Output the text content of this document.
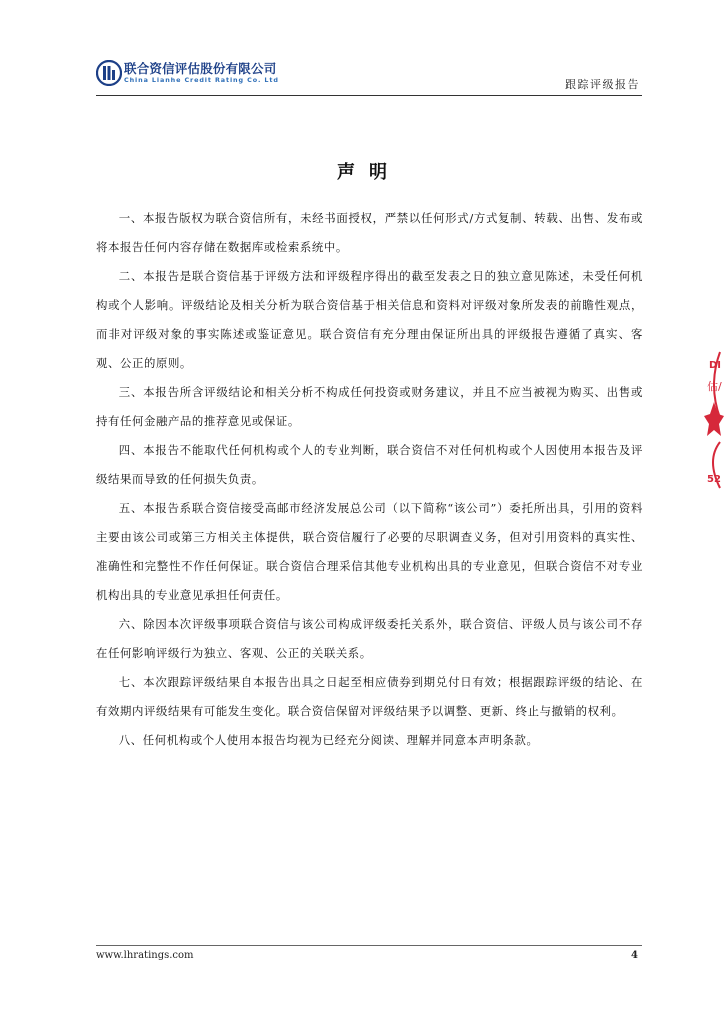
联合资信评估股份有限公司
China Lianhe Credit Rating Co. Ltd	跟踪评级报告
声明

一、本报告版权为联合资信所有，未经书面授权，严禁以任何形式/方式复制、转载、出售、发布或将本报告任何内容存储在数据库或检索系统中。

二、本报告是联合资信基于评级方法和评级程序得出的截至发表之日的独立意见陈述，未受任何机构或个人影响。评级结论及相关分析为联合资信基于相关信息和资料对评级对象所发表的前瞻性观点，而非对评级对象的事实陈述或鉴证意见。联合资信有充分理由保证所出具的评级报告遵循了真实、客观、公正的原则。

三、本报告所含评级结论和相关分析不构成任何投资或财务建议，并且不应当被视为购买、出售或持有任何金融产品的推荐意见或保证。

四、本报告不能取代任何机构或个人的专业判断，联合资信不对任何机构或个人因使用本报告及评级结果而导致的任何损失负责。

五、本报告系联合资信接受高邮市经济发展总公司（以下简称“该公司”）委托所出具，引用的资料主要由该公司或第三方相关主体提供，联合资信履行了必要的尽职调查义务，但对引用资料的真实性、准确性和完整性不作任何保证。联合资信合理采信其他专业机构出具的专业意见，但联合资信不对专业机构出具的专业意见承担任何责任。

六、除因本次评级事项联合资信与该公司构成评级委托关系外，联合资信、评级人员与该公司不存在任何影响评级行为独立、客观、公正的关联关系。

七、本次跟踪评级结果自本报告出具之日起至相应债券到期兑付日有效；根据跟踪评级的结论、在有效期内评级结果有可能发生变化。联合资信保留对评级结果予以调整、更新、终止与撤销的权利。

八、任何机构或个人使用本报告均视为已经充分阅读、理解并同意本声明条款。

DI
估/
52
www.lhratings.com	4
